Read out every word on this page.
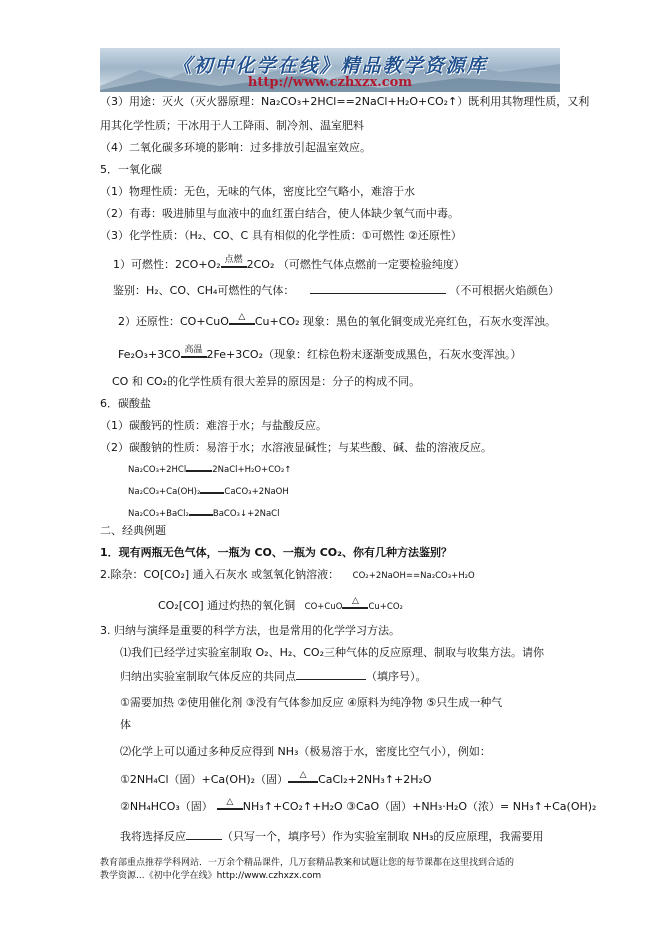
《初中化学在线》精品教学资源库
http://www.czhxzx.com
（3）用途：灭火（灭火器原理：Na₂CO₃+2HCl==2NaCl+H₂O+CO₂↑）既利用其物理性质，又利
用其化学性质；干冰用于人工降雨、制冷剂、温室肥料
（4）二氧化碳多环境的影响：过多排放引起温室效应。
5．一氧化碳
（1）物理性质：无色，无味的气体，密度比空气略小，难溶于水
（2）有毒：吸进肺里与血液中的血红蛋白结合，使人体缺少氧气而中毒。
（3）化学性质：（H₂、CO、C 具有相似的化学性质：①可燃性 ②还原性）
1）可燃性：2CO+O₂ 点燃 2CO₂ （可燃性气体点燃前一定要检验纯度）
鉴别：H₂、CO、CH₄可燃性的气体：	（不可根据火焰颜色）
2）还原性：CO+CuO	△ Cu+CO₂ 现象：黑色的氧化铜变成光亮红色，石灰水变浑浊。
Fe₂O₃+3CO 高温 2Fe+3CO₂（现象：红棕色粉末逐渐变成黑色，石灰水变浑浊。）
CO 和 CO₂的化学性质有很大差异的原因是：分子的构成不同。
6．碳酸盐
（1）碳酸钙的性质：难溶于水；与盐酸反应。
（2）碳酸钠的性质：易溶于水；水溶液显碱性；与某些酸、碱、盐的溶液反应。
Na₂CO₃+2HCl	2NaCl+H₂O+CO₂↑
Na₂CO₃+Ca(OH)₂	CaCO₃+2NaOH
Na₂CO₃+BaCl₂	BaCO₃↓+2NaCl
二、经典例题
1．现有两瓶无色气体，一瓶为 CO、一瓶为 CO₂、你有几种方法鉴别？
2.除杂：CO[CO₂] 通入石灰水 或氢氧化钠溶液： CO₂+2NaOH==Na₂CO₃+H₂O
CO₂[CO] 通过灼热的氧化铜 CO+CuO
△
Cu+CO₂
3. 归纳与演绎是重要的科学方法，也是常用的化学学习方法。
⑴我们已经学过实验室制取 O₂、H₂、CO₂三种气体的反应原理、制取与收集方法。请你
归纳出实验室制取气体反应的共同点	（填序号）。
①需要加热 ②使用催化剂 ③没有气体参加反应 ④原料为纯净物 ⑤只生成一种气
体
⑵化学上可以通过多种反应得到 NH₃（极易溶于水，密度比空气小），例如：
①2NH₄Cl（固）+Ca(OH)₂（固）	△	CaCl₂+2NH₃↑+2H₂O
②NH₄HCO₃（固）	△ NH₃↑+CO₂↑+H₂O ③CaO（固）+NH₃·H₂O（浓）= NH₃↑+Ca(OH)₂
我将选择反应	（只写一个，填序号）作为实验室制取 NH₃的反应原理，我需要用
教育部重点推荐学科网站．一万余个精品课件，几万套精品教案和试题让您的每节课都在这里找到合适的
教学资源...《初中化学在线》http://www.czhxzx.com
